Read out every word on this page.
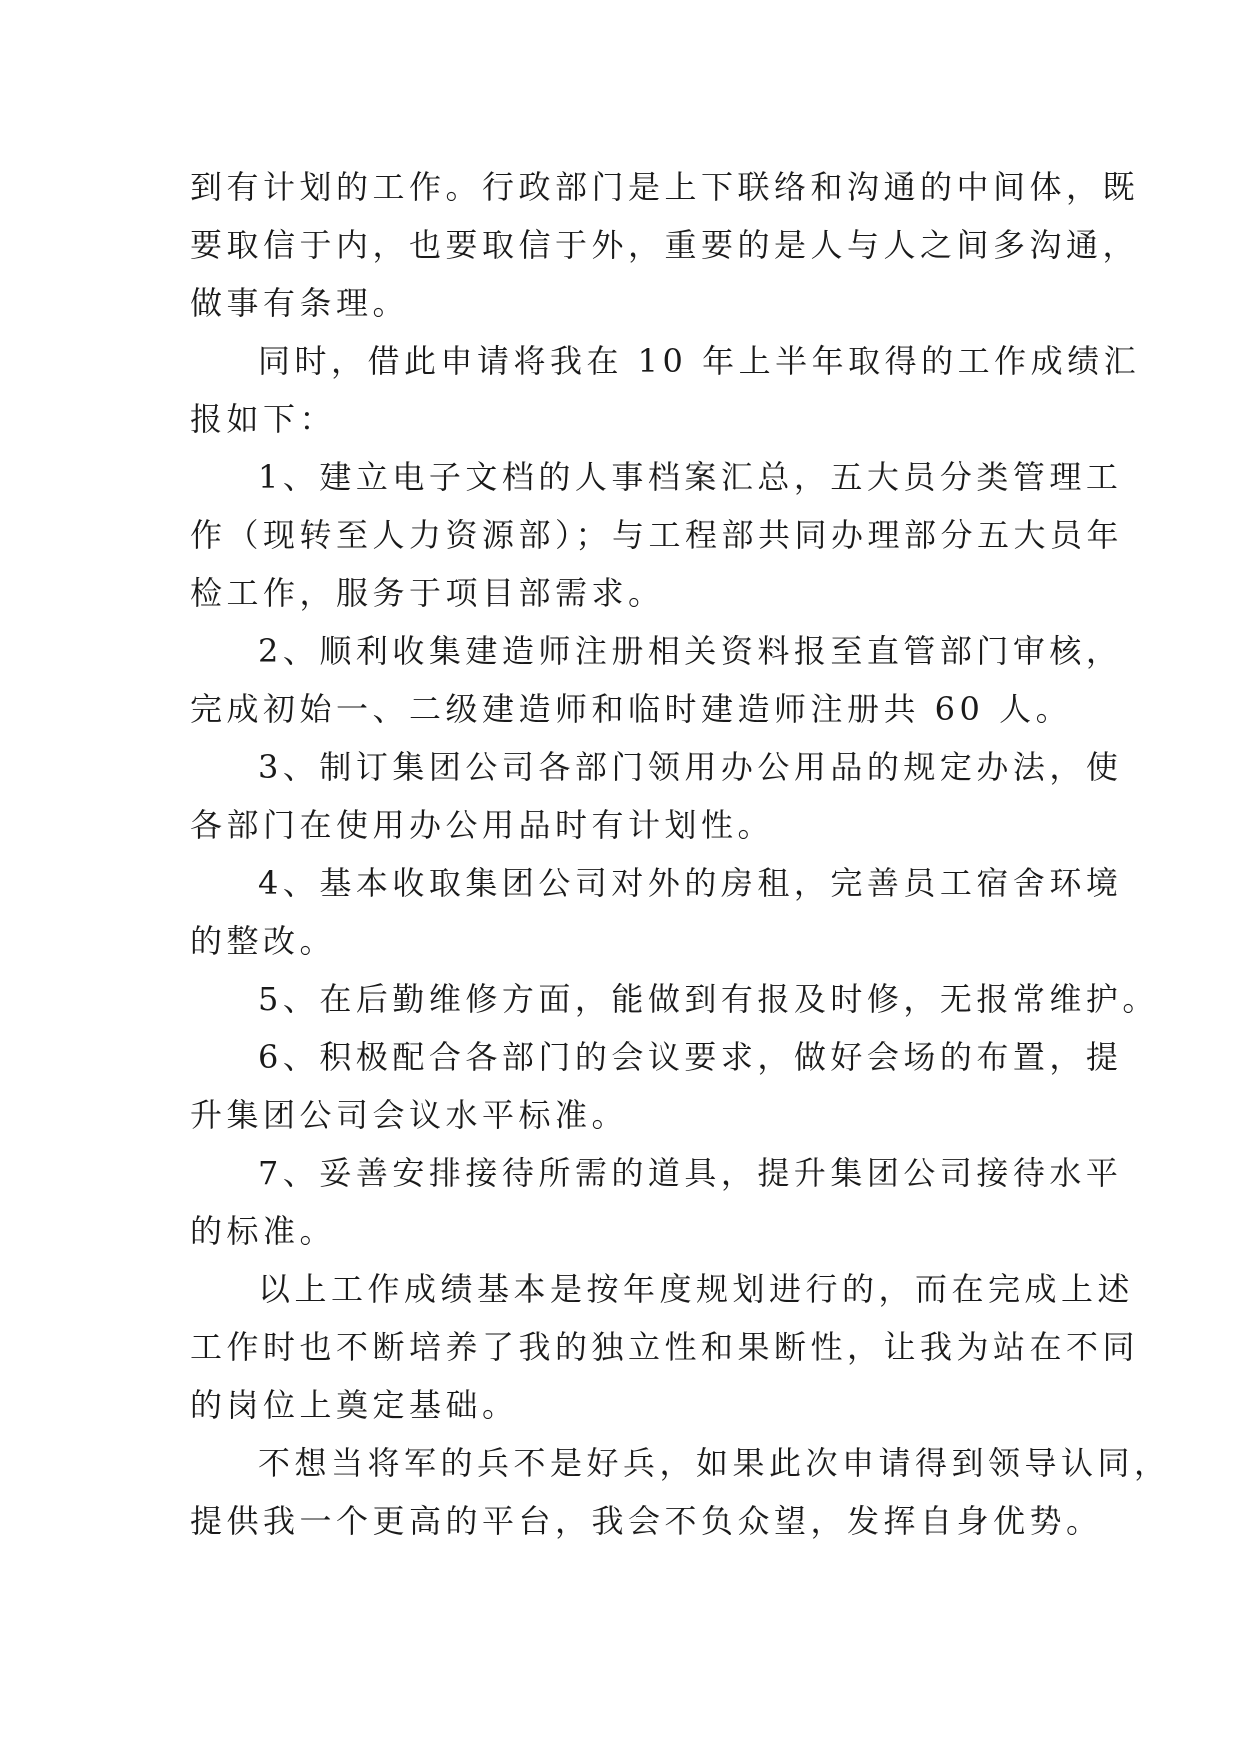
到有计划的工作。行政部门是上下联络和沟通的中间体，既
要取信于内，也要取信于外，重要的是人与人之间多沟通，
做事有条理。

同时，借此申请将我在 10 年上半年取得的工作成绩汇
报如下：

1、建立电子文档的人事档案汇总，五大员分类管理工
作（现转至人力资源部）；与工程部共同办理部分五大员年
检工作，服务于项目部需求。

2、顺利收集建造师注册相关资料报至直管部门审核，
完成初始一、二级建造师和临时建造师注册共 60 人。

3、制订集团公司各部门领用办公用品的规定办法，使
各部门在使用办公用品时有计划性。

4、基本收取集团公司对外的房租，完善员工宿舍环境
的整改。

5、在后勤维修方面，能做到有报及时修，无报常维护。

6、积极配合各部门的会议要求，做好会场的布置，提
升集团公司会议水平标准。

7、妥善安排接待所需的道具，提升集团公司接待水平
的标准。

以上工作成绩基本是按年度规划进行的，而在完成上述
工作时也不断培养了我的独立性和果断性，让我为站在不同
的岗位上奠定基础。

不想当将军的兵不是好兵，如果此次申请得到领导认同，
提供我一个更高的平台，我会不负众望，发挥自身优势。
